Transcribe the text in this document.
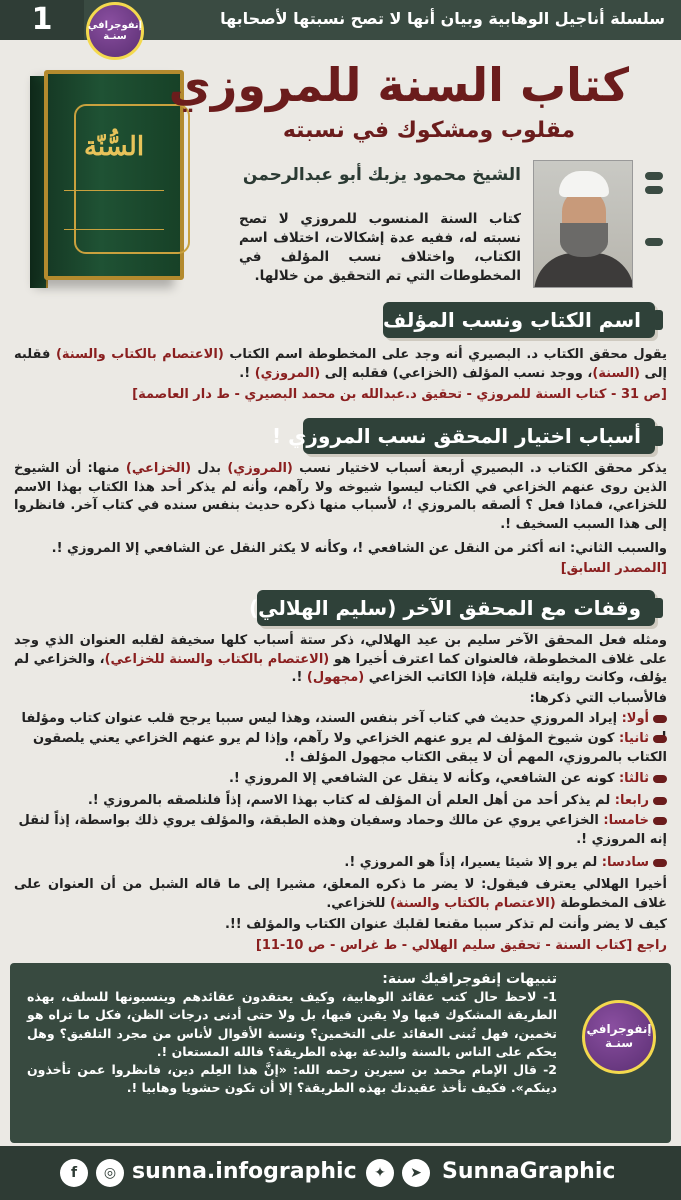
سلسلة أناجيل الوهابية وبيان أنها لا تصح نسبتها لأصحابها
1	إنفوجرافي
سنـة
السُّنّة
كتاب السنة للمروزي
مقلوب ومشكوك في نسبته
الشيخ محمود يزبك أبو عبدالرحمن
كتاب السنة المنسوب للمروزي لا تصح نسبته له، ففيه عدة إشكالات، اختلاف اسم الكتاب، واختلاف نسب المؤلف في المخطوطات التي تم التحقيق من خلالها.
اسم الكتاب ونسب المؤلف
يقول محقق الكتاب د. البصيري أنه وجد على المخطوطة اسم الكتاب (الاعتصام بالكتاب والسنة) فقلبه إلى (السنة)، ووجد نسب المؤلف (الخزاعي) فقلبه إلى (المروزي) !.
[ص 31 - كتاب السنة للمروزي - تحقيق د.عبدالله بن محمد البصيري - ط دار العاصمة]
أسباب اختيار المحقق نسب المروزي !
يذكر محقق الكتاب د. البصيري أربعة أسباب لاختيار نسب (المروزي) بدل (الخزاعي) منها: أن الشيوخ الذين روى عنهم الخزاعي في الكتاب ليسوا شيوخه ولا رآهم، وأنه لم يذكر أحد هذا الكتاب بهذا الاسم للخزاعي، فماذا فعل ؟ ألصقه بالمروزي !، لأسباب منها ذكره حديث بنفس سنده في كتاب آخر. فانظروا إلى هذا السبب السخيف !.
والسبب الثاني: انه أكثر من النقل عن الشافعي !، وكأنه لا يكثر النقل عن الشافعي إلا المروزي !.
[المصدر السابق]
وقفات مع المحقق الآخر (سليم الهلالي)
ومثله فعل المحقق الآخر سليم بن عيد الهلالي، ذكر ستة أسباب كلها سخيفة لقلبه العنوان الذي وجد على غلاف المخطوطة، فالعنوان كما اعترف أخيرا هو (الاعتصام بالكتاب والسنة للخزاعي)، والخزاعي لم يؤلف، وكانت روايته قليلة، فإذا الكاتب الخزاعي (مجهول) !.
فالأسباب التي ذكرها:
أولا: إيراد المروزي حديث في كتاب آخر بنفس السند، وهذا ليس سببا يرجح قلب عنوان كتاب ومؤلفا
ثانيا: كون شيوخ المؤلف لم يرو عنهم الخزاعي ولا رآهم، وإذا لم يرو عنهم الخزاعي يعني يلصقون الكتاب بالمروزي، المهم أن لا يبقى الكتاب مجهول المؤلف !.
ثالثا: كونه عن الشافعي، وكأنه لا ينقل عن الشافعي إلا المروزي !.
رابعا: لم يذكر أحد من أهل العلم أن المؤلف له كتاب بهذا الاسم، إذاً فلنلصقه بالمروزي !.
خامسا: الخزاعي يروي عن مالك وحماد وسفيان وهذه الطبقة، والمؤلف يروي ذلك بواسطة، إذاً لنقل إنه المروزي !.
سادسا: لم يرو إلا شيئا يسيرا، إذاً هو المروزي !.
أخيرا الهلالي يعترف فيقول: لا يضر ما ذكره المعلق، مشيرا إلى ما قاله الشبل من أن العنوان على غلاف المخطوطة (الاعتصام بالكتاب والسنة) للخزاعي.
كيف لا يضر وأنت لم تذكر سببا مقنعا لقلبك عنوان الكتاب والمؤلف !!.
راجع [كتاب السنة - تحقيق سليم الهلالي - ط غراس - ص 10-11]
تنبيهات إنفوجرافيك سنة:
1- لاحظ حال كتب عقائد الوهابية، وكيف يعتقدون عقائدهم وينسبونها للسلف، بهذه الطريقة المشكوك فيها ولا يقين فيها، بل ولا حتى أدنى درجات الظن، فكل ما تراه هو تخمين، فهل تُبنى العقائد على التخمين؟ ونسبة الأقوال لأناس من مجرد التلفيق؟ وهل يحكم على الناس بالسنة والبدعة بهذه الطريقة؟ فالله المستعان !.
2- قال الإمام محمد بن سيرين رحمه الله: «إنَّ هذا العِلم دين، فانظروا عمن تأخذون دينكم». فكيف تأخذ عقيدتك بهذه الطريقة؟ إلا أن تكون حشويا وهابيا !.
إنفوجرافي
سنـة
f	◎ sunna.infographic	✦	➤ SunnaGraphic
